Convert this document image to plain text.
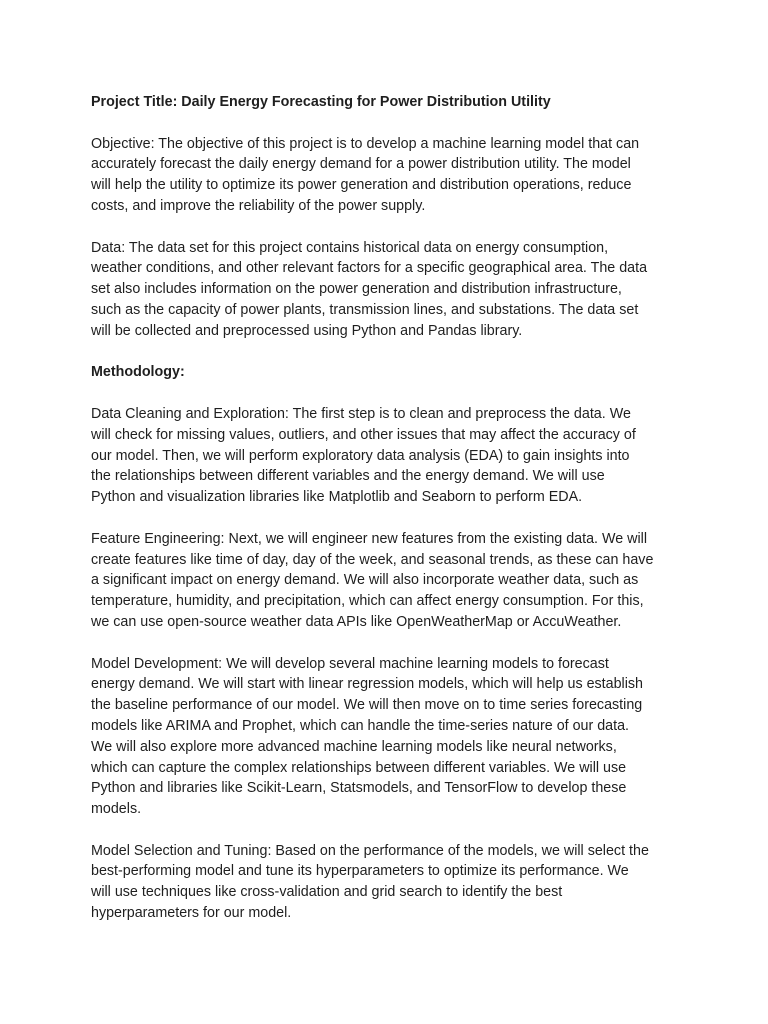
Project Title: Daily Energy Forecasting for Power Distribution Utility
Objective: The objective of this project is to develop a machine learning model that can
accurately forecast the daily energy demand for a power distribution utility. The model
will help the utility to optimize its power generation and distribution operations, reduce
costs, and improve the reliability of the power supply.
Data: The data set for this project contains historical data on energy consumption,
weather conditions, and other relevant factors for a specific geographical area. The data
set also includes information on the power generation and distribution infrastructure,
such as the capacity of power plants, transmission lines, and substations. The data set
will be collected and preprocessed using Python and Pandas library.
Methodology:
Data Cleaning and Exploration: The first step is to clean and preprocess the data. We
will check for missing values, outliers, and other issues that may affect the accuracy of
our model. Then, we will perform exploratory data analysis (EDA) to gain insights into
the relationships between different variables and the energy demand. We will use
Python and visualization libraries like Matplotlib and Seaborn to perform EDA.
Feature Engineering: Next, we will engineer new features from the existing data. We will
create features like time of day, day of the week, and seasonal trends, as these can have
a significant impact on energy demand. We will also incorporate weather data, such as
temperature, humidity, and precipitation, which can affect energy consumption. For this,
we can use open-source weather data APIs like OpenWeatherMap or AccuWeather.
Model Development: We will develop several machine learning models to forecast
energy demand. We will start with linear regression models, which will help us establish
the baseline performance of our model. We will then move on to time series forecasting
models like ARIMA and Prophet, which can handle the time-series nature of our data.
We will also explore more advanced machine learning models like neural networks,
which can capture the complex relationships between different variables. We will use
Python and libraries like Scikit-Learn, Statsmodels, and TensorFlow to develop these
models.
Model Selection and Tuning: Based on the performance of the models, we will select the
best-performing model and tune its hyperparameters to optimize its performance. We
will use techniques like cross-validation and grid search to identify the best
hyperparameters for our model.
